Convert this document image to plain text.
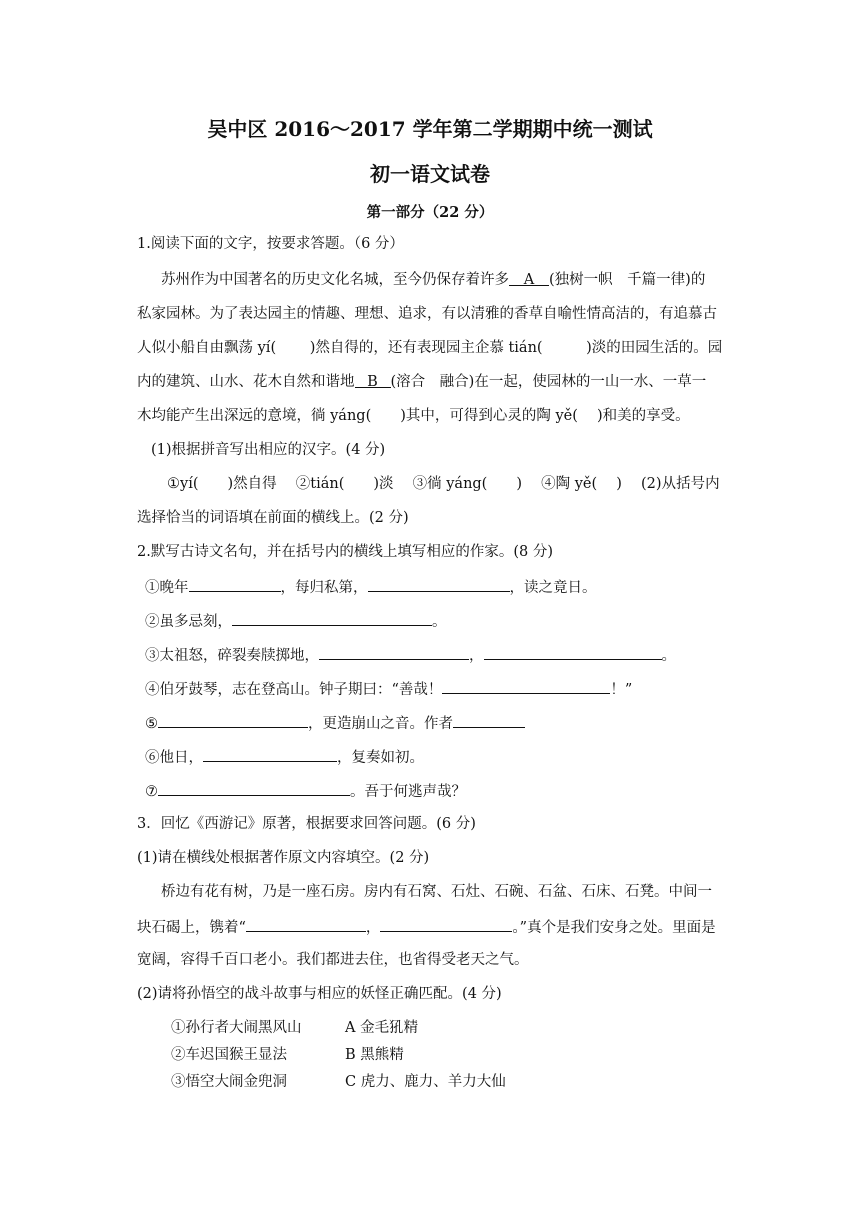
吴中区 2016～2017 学年第二学期期中统一测试
初一语文试卷
第一部分（22 分）
1.阅读下面的文字，按要求答题。（6 分）
苏州作为中国著名的历史文化名城，至今仍保存着许多 A (独树一帜　千篇一律)的
私家园林。为了表达园主的情趣、理想、追求，有以清雅的香草自喻性情高洁的，有追慕古
人似小船自由飘荡 yí(　　 )然自得的，还有表现园主企慕 tián(　　　)淡的田园生活的。园
内的建筑、山水、花木自然和谐地 B (溶合　融合)在一起，使园林的一山一水、一草一
木均能产生出深远的意境，徜 yáng(　　)其中，可得到心灵的陶 yě(　 )和美的享受。
(1)根据拼音写出相应的汉字。(4 分)
①yí(　　)然自得　 ②tián(　　)淡　 ③徜 yáng(　　)　 ④陶 yě(　 )　 (2)从括号内
选择恰当的词语填在前面的横线上。(2 分)
2.默写古诗文名句，并在括号内的横线上填写相应的作家。(8 分)
①晚年	，每归私第，	，读之竟日。
②虽多忌刻，	。
③太祖怒，碎裂奏牍掷地，	，	。
④伯牙鼓琴，志在登高山。钟子期曰：“善哉！	！”
⑤	，更造崩山之音。作者
⑥他日，	，复奏如初。
⑦	。吾于何逃声哉？
3．回忆《西游记》原著，根据要求回答问题。(6 分)
(1)请在横线处根据著作原文内容填空。(2 分)
桥边有花有树，乃是一座石房。房内有石窝、石灶、石碗、石盆、石床、石凳。中间一
块石碣上，镌着“	，	。”真个是我们安身之处。里面是
宽阔，容得千百口老小。我们都进去住，也省得受老天之气。
(2)请将孙悟空的战斗故事与相应的妖怪正确匹配。(4 分)
①孙行者大闹黑风山	A 金毛犼精
②车迟国猴王显法	B 黑熊精
③悟空大闹金兜洞	C 虎力、鹿力、羊力大仙
